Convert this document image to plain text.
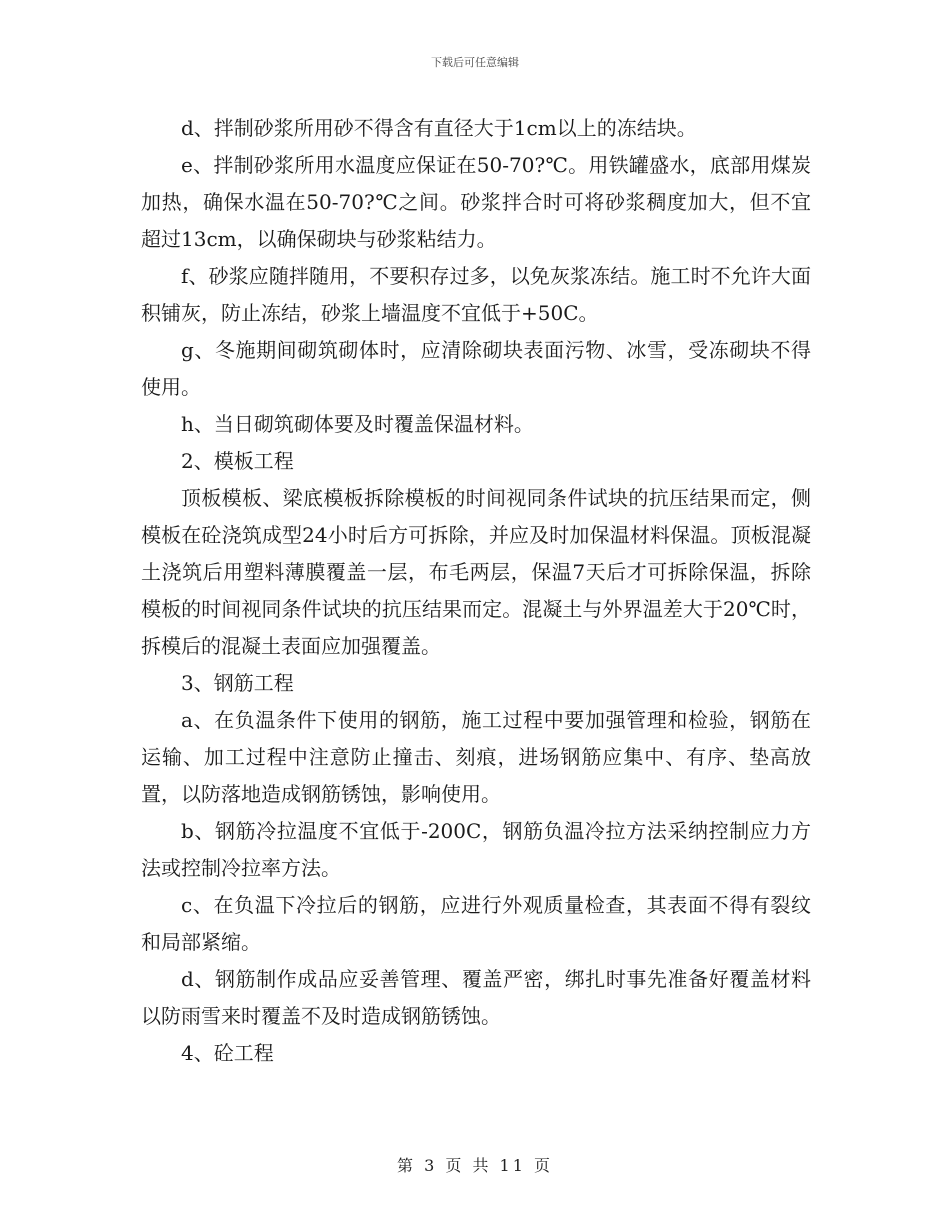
下载后可任意编辑

d、拌制砂浆所用砂不得含有直径大于1cm以上的冻结块。

e、拌制砂浆所用水温度应保证在50-70?℃。用铁罐盛水，底部用煤炭加热，确保水温在50-70?℃之间。砂浆拌合时可将砂浆稠度加大，但不宜超过13cm，以确保砌块与砂浆粘结力。

f、砂浆应随拌随用，不要积存过多，以免灰浆冻结。施工时不允许大面积铺灰，防止冻结，砂浆上墙温度不宜低于+50C。

g、冬施期间砌筑砌体时，应清除砌块表面污物、冰雪，受冻砌块不得使用。

h、当日砌筑砌体要及时覆盖保温材料。

2、模板工程

顶板模板、梁底模板拆除模板的时间视同条件试块的抗压结果而定，侧模板在砼浇筑成型24小时后方可拆除，并应及时加保温材料保温。顶板混凝土浇筑后用塑料薄膜覆盖一层，布毛两层，保温7天后才可拆除保温，拆除模板的时间视同条件试块的抗压结果而定。混凝土与外界温差大于20℃时，拆模后的混凝土表面应加强覆盖。

3、钢筋工程

a、在负温条件下使用的钢筋，施工过程中要加强管理和检验，钢筋在运输、加工过程中注意防止撞击、刻痕，进场钢筋应集中、有序、垫高放置，以防落地造成钢筋锈蚀，影响使用。

b、钢筋冷拉温度不宜低于-200C，钢筋负温冷拉方法采纳控制应力方法或控制冷拉率方法。

c、在负温下冷拉后的钢筋，应进行外观质量检查，其表面不得有裂纹和局部紧缩。

d、钢筋制作成品应妥善管理、覆盖严密，绑扎时事先准备好覆盖材料以防雨雪来时覆盖不及时造成钢筋锈蚀。

4、砼工程

第 3 页 共 11 页
